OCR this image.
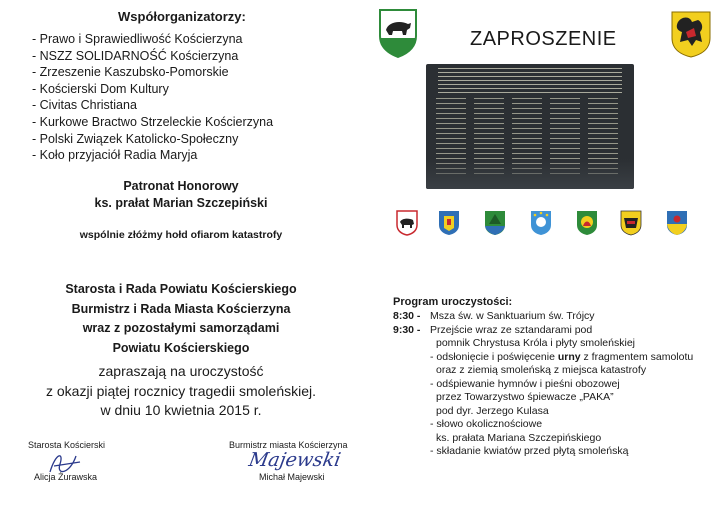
Współorganizatorzy:
- Prawo i Sprawiedliwość Kościerzyna
- NSZZ SOLIDARNOŚĆ Kościerzyna
- Zrzeszenie Kaszubsko-Pomorskie
- Kościerski Dom Kultury
- Civitas Christiana
- Kurkowe Bractwo Strzeleckie Kościerzyna
- Polski Związek Katolicko-Społeczny
- Koło przyjaciół Radia Maryja
Patronat Honorowy
ks. prałat Marian Szczepiński
wspólnie złóżmy hołd ofiarom katastrofy
Starosta i Rada Powiatu Kościerskiego
Burmistrz i Rada Miasta Kościerzyna
wraz z pozostałymi samorządami
Powiatu Kościerskiego
zapraszają na uroczystość
z okazji piątej rocznicy tragedii smoleńskiej.
w dniu 10 kwietnia 2015 r.
Starosta Kościerski
Alicja Żurawska
Burmistrz miasta Kościerzyna
Majewski
Michał Majewski
ZAPROSZENIE
Program uroczystości:
8:30 - Msza św. w Sanktuarium św. Trójcy
9:30 - Przejście wraz ze sztandarami pod
pomnik Chrystusa Króla i płyty smoleńskiej
- odsłonięcie i poświęcenie urny z fragmentem samolotu
oraz z ziemią smoleńską z miejsca katastrofy
- odśpiewanie hymnów i pieśni obozowej
przez Towarzystwo śpiewacze „PAKA”
pod dyr. Jerzego Kulasa
- słowo okolicznościowe
ks. prałata Mariana Szczepińskiego
- składanie kwiatów przed płytą smoleńską
